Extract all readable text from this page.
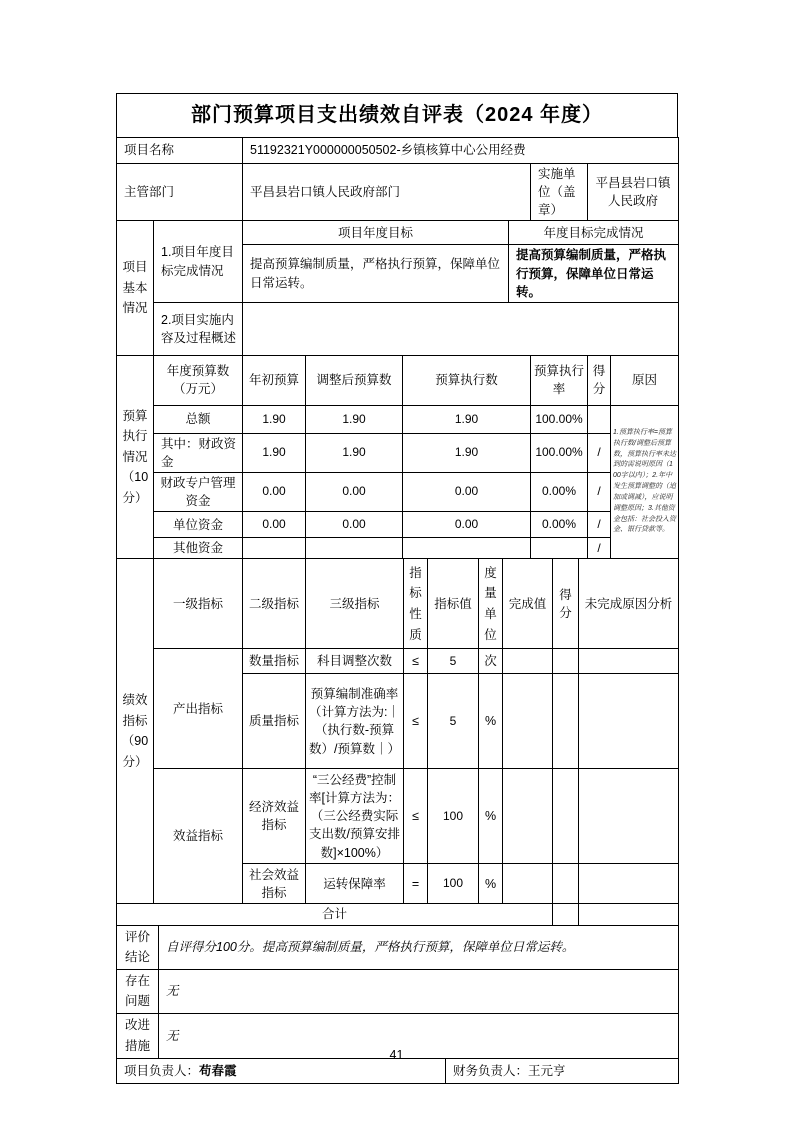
部门预算项目支出绩效自评表（2024 年度）
项目名称	51192321Y000000050502-乡镇核算中心公用经费
主管部门	平昌县岩口镇人民政府部门	实施单位（盖章）	平昌县岩口镇人民政府
项目基本情况	1.项目年度目标完成情况	项目年度目标	年度目标完成情况
		提高预算编制质量，严格执行预算，保障单位日常运转。	提高预算编制质量，严格执行预算，保障单位日常运转。
	2.项目实施内容及过程概述		
预算执行情况（10分）	年度预算数（万元）	年初预算	调整后预算数	预算执行数	预算执行率	得分	原因
	总额	1.90	1.90	1.90	100.00%		1.预算执行率=预算执行数/调整后预算数，预算执行率未达到的需说明原因（100字以内）；2.年中发生预算调整的（追加或调减），应说明调整原因；3.其他资金包括：社会投入资金、银行贷款等。
	其中：财政资金	1.90	1.90	1.90	100.00%	/	
	财政专户管理资金	0.00	0.00	0.00	0.00%	/	
	单位资金	0.00	0.00	0.00	0.00%	/	
	其他资金					/	
绩效指标（90分）	一级指标	二级指标	三级指标	指标性质	指标值	度量单位	完成值	得分	未完成原因分析
	产出指标	数量指标	科目调整次数	≤	5	次			
		质量指标	预算编制准确率（计算方法为:｜（执行数-预算数）/预算数｜）	≤	5	%			
	效益指标	经济效益指标	“三公经费”控制率[计算方法为：（三公经费实际支出数/预算安排数]×100%）	≤	100	%			
		社会效益指标	运转保障率	=	100	%			
合计									
评价结论	自评得分100分。提高预算编制质量，严格执行预算，保障单位日常运转。
存在问题	无
改进措施	无
项目负责人：苟春霞	财务负责人：王元亨
41
